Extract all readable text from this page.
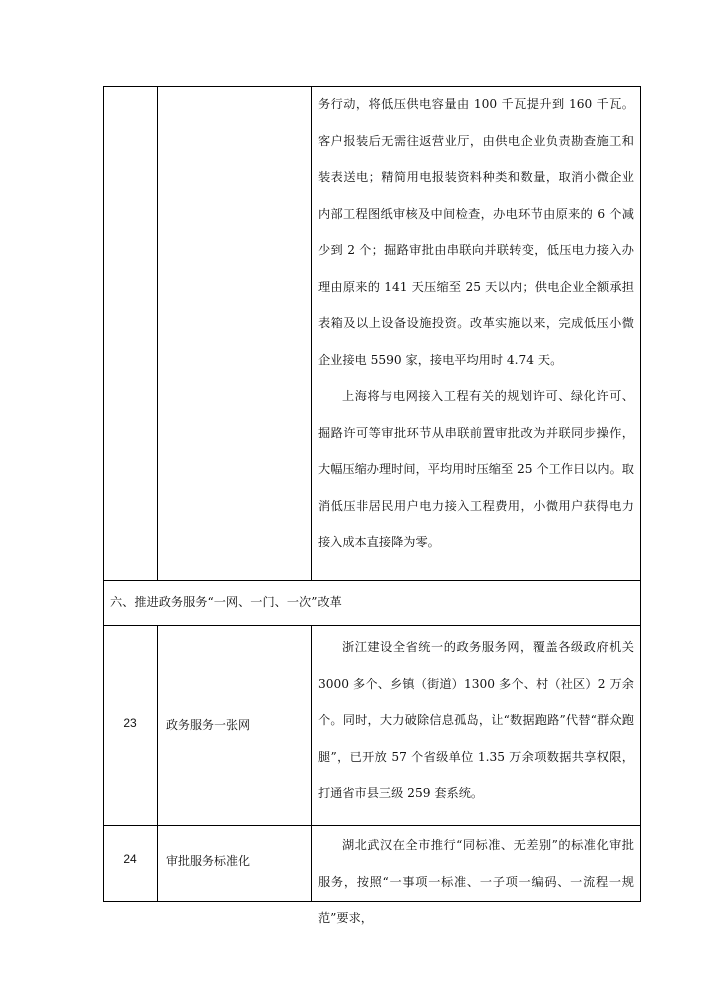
务行动，将低压供电容量由 100 千瓦提升到 160 千瓦。客户报装后无需往返营业厅，由供电企业负责勘查施工和装表送电；精简用电报装资料种类和数量，取消小微企业内部工程图纸审核及中间检查，办电环节由原来的 6 个减少到 2 个；掘路审批由串联向并联转变，低压电力接入办理由原来的 141 天压缩至 25 天以内；供电企业全额承担表箱及以上设备设施投资。改革实施以来，完成低压小微企业接电 5590 家，接电平均用时 4.74 天。

上海将与电网接入工程有关的规划许可、绿化许可、掘路许可等审批环节从串联前置审批改为并联同步操作，大幅压缩办理时间，平均用时压缩至 25 个工作日以内。取消低压非居民用户电力接入工程费用，小微用户获得电力接入成本直接降为零。

六、推进政务服务“一网、一门、一次”改革
23	政务服务一张网

浙江建设全省统一的政务服务网，覆盖各级政府机关 3000 多个、乡镇（街道）1300 多个、村（社区）2 万余个。同时，大力破除信息孤岛，让“数据跑路”代替“群众跑腿”，已开放 57 个省级单位 1.35 万余项数据共享权限，打通省市县三级 259 套系统。

24	审批服务标准化

湖北武汉在全市推行“同标准、无差别”的标准化审批服务，按照“一事项一标准、一子项一编码、一流程一规范”要求，
